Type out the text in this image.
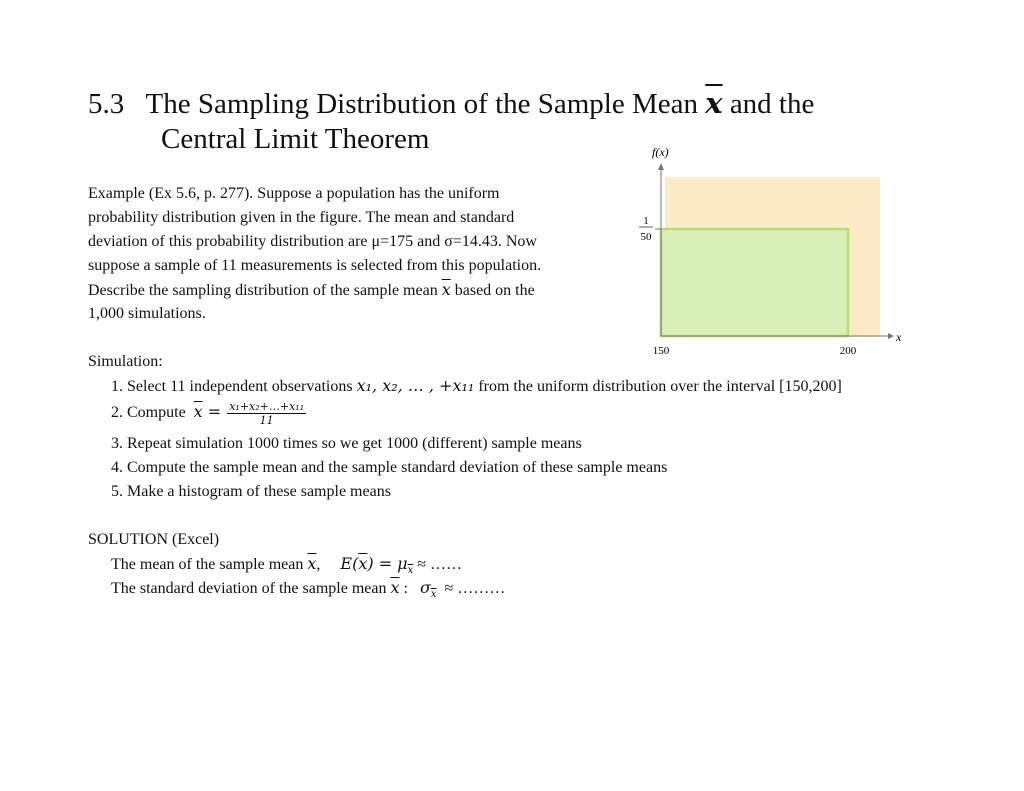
5.3 The Sampling Distribution of the Sample Mean $\overline{x}$ and the
Central Limit Theorem
Example (Ex 5.6, p. 277). Suppose a population has the uniform
probability distribution given in the figure. The mean and standard
deviation of this probability distribution are μ=175 and σ=14.43. Now
suppose a sample of 11 measurements is selected from this population.
Describe the sampling distribution of the sample mean $\overline{x}$ based on the
1,000 simulations.
f(x)
x
1
50
150	200
Simulation:
1. Select 11 independent observations x₁, x₂, … , +x₁₁ from the uniform distribution over the interval [150,200]
2. Compute $\overline{x} = \frac{\text{x₁+x₂+…+x₁₁}}{11}$
3. Repeat simulation 1000 times so we get 1000 (different) sample means
4. Compute the sample mean and the sample standard deviation of these sample means
5. Make a histogram of these sample means
SOLUTION (Excel)
The mean of the sample mean $\overline{x}$,     $E(\overline{x}) = \mu_{\overline{x}}$ ≈ ……
The standard deviation of the sample mean $\overline{x}$ :   $\sigma_{\overline{x}}$ ≈ ………
